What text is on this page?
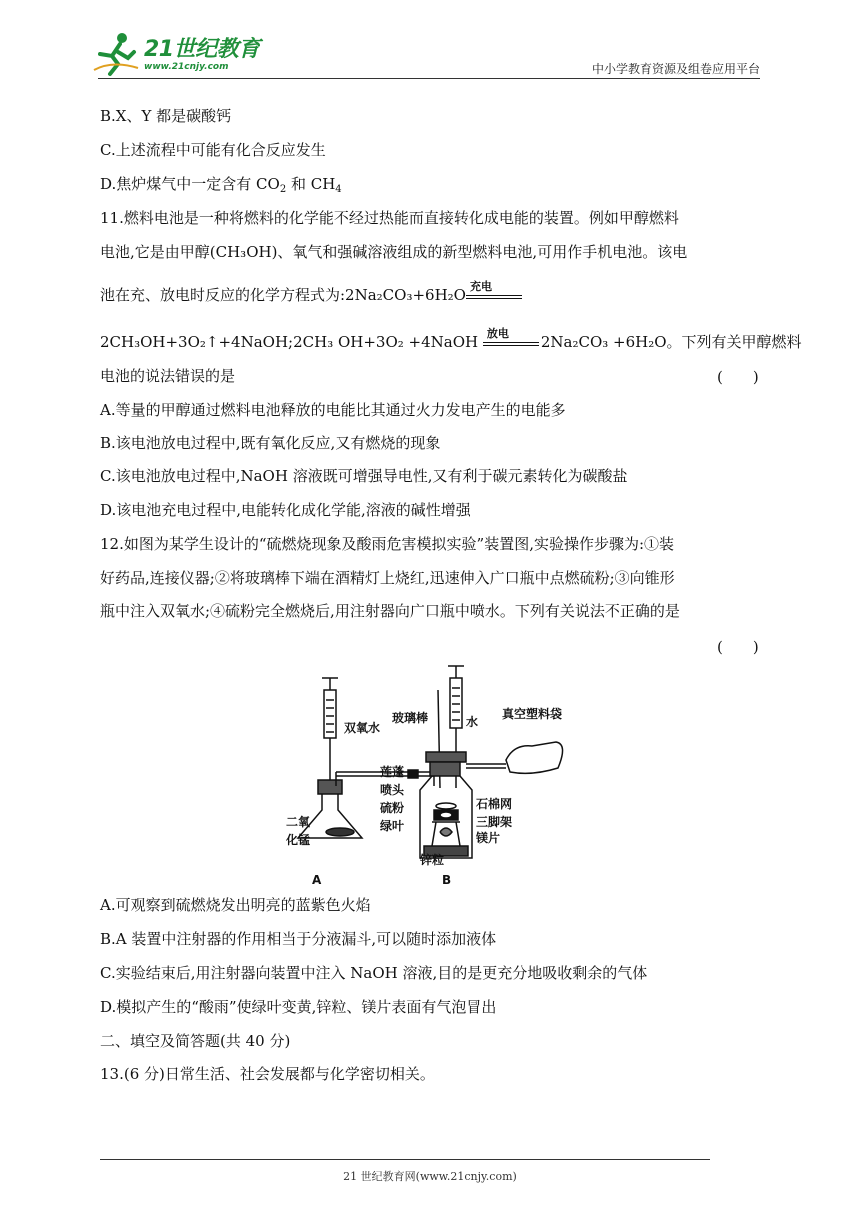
21世纪教育
www.21cnjy.com	中小学教育资源及组卷应用平台
B.X、Y 都是碳酸钙
C.上述流程中可能有化合反应发生
D.焦炉煤气中一定含有 $CO_2$ 和 $CH_4$
11.燃料电池是一种将燃料的化学能不经过热能而直接转化成电能的装置。例如甲醇燃料
电池,它是由甲醇(CH₃OH)、氧气和强碱溶液组成的新型燃料电池,可用作手机电池。该电
池在充、放电时反应的化学方程式为:2Na₂CO₃+6H₂O 充电
2CH₃OH+3O₂↑+4NaOH;2CH₃ OH+3O₂ +4NaOH 放电 2Na₂CO₃ +6H₂O。下列有关甲醇燃料
电池的说法错误的是	(　　)
A.等量的甲醇通过燃料电池释放的电能比其通过火力发电产生的电能多
B.该电池放电过程中,既有氧化反应,又有燃烧的现象
C.该电池放电过程中,NaOH 溶液既可增强导电性,又有利于碳元素转化为碳酸盐
D.该电池充电过程中,电能转化成化学能,溶液的碱性增强
12.如图为某学生设计的“硫燃烧现象及酸雨危害模拟实验”装置图,实验操作步骤为:①装
好药品,连接仪器;②将玻璃棒下端在酒精灯上烧红,迅速伸入广口瓶中点燃硫粉;③向锥形
瓶中注入双氧水;④硫粉完全燃烧后,用注射器向广口瓶中喷水。下列有关说法不正确的是
(　　)
双氧水
玻璃棒	水
真空塑料袋
莲蓬
喷头
硫粉
绿叶
石棉网
三脚架
镁片
二氧
化锰
锌粒
A	B
A.可观察到硫燃烧发出明亮的蓝紫色火焰
B.A 装置中注射器的作用相当于分液漏斗,可以随时添加液体
C.实验结束后,用注射器向装置中注入 NaOH 溶液,目的是更充分地吸收剩余的气体
D.模拟产生的“酸雨”使绿叶变黄,锌粒、镁片表面有气泡冒出
二、填空及简答题(共 40 分)
13.(6 分)日常生活、社会发展都与化学密切相关。
21 世纪教育网(www.21cnjy.com)
